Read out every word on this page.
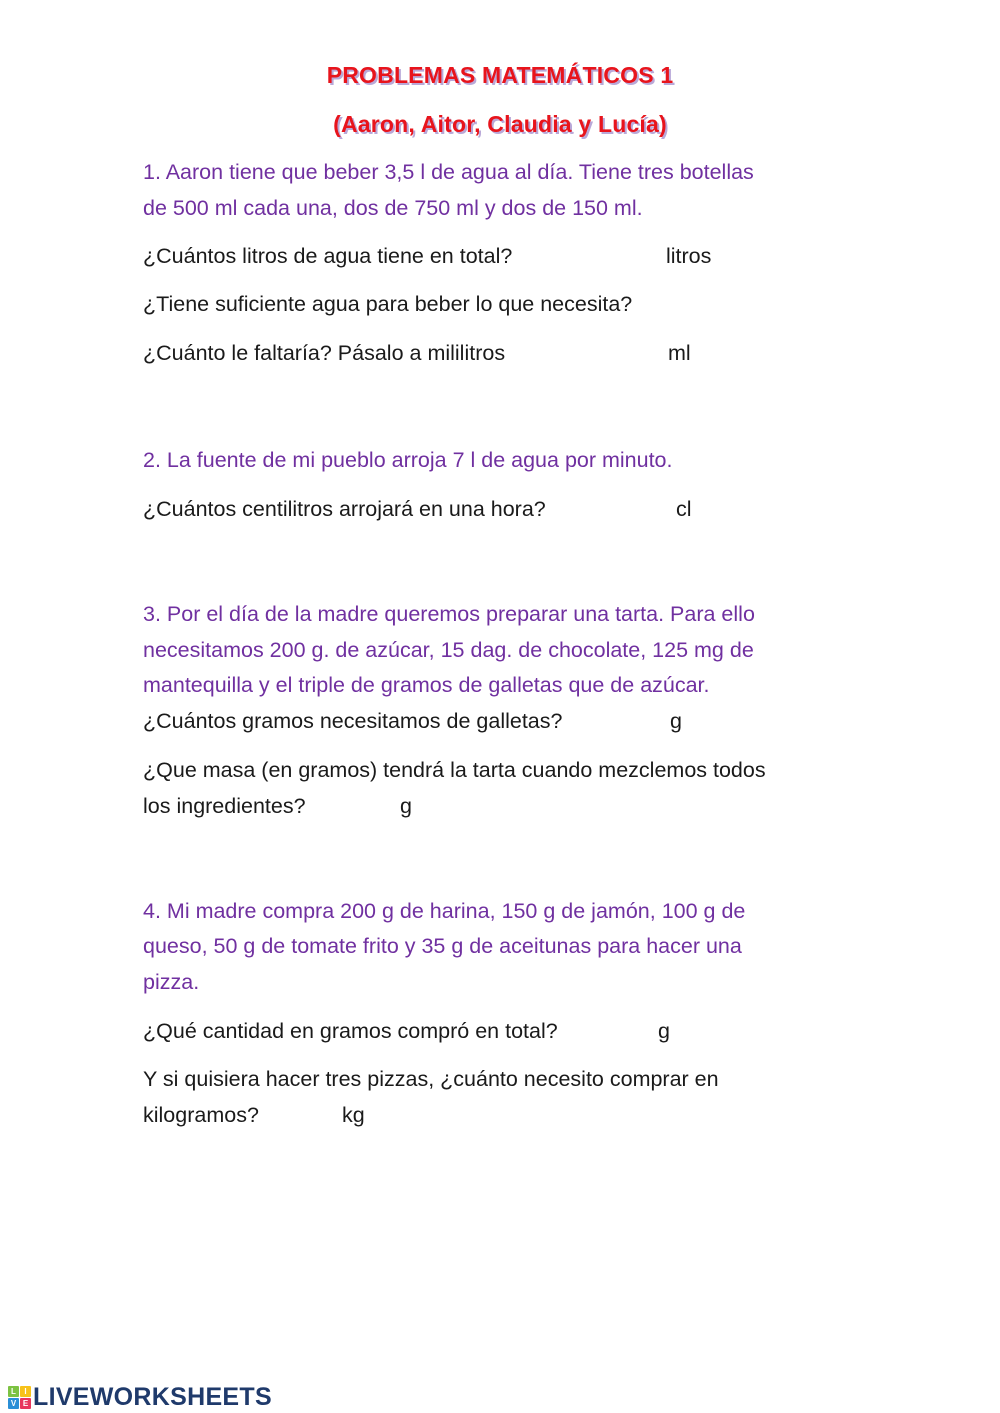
PROBLEMAS MATEMÁTICOS 1
(Aaron, Aitor, Claudia y Lucía)
1. Aaron tiene que beber 3,5 l de agua al día. Tiene tres botellas
de 500 ml cada una, dos de 750 ml y dos de 150 ml.
¿Cuántos litros de agua tiene en total?	litros
¿Tiene suficiente agua para beber lo que necesita?
¿Cuánto le faltaría? Pásalo a mililitros	ml
2. La fuente de mi pueblo arroja 7 l de agua por minuto.
¿Cuántos centilitros arrojará en una hora?	cl
3. Por el día de la madre queremos preparar una tarta. Para ello
necesitamos 200 g. de azúcar, 15 dag. de chocolate, 125 mg de
mantequilla y el triple de gramos de galletas que de azúcar.
¿Cuántos gramos necesitamos de galletas?	g
¿Que masa (en gramos) tendrá la tarta cuando mezclemos todos
los ingredientes?	g
4. Mi madre compra 200 g de harina, 150 g de jamón, 100 g de
queso, 50 g de tomate frito y 35 g de aceitunas para hacer una
pizza.
¿Qué cantidad en gramos compró en total?	g
Y si quisiera hacer tres pizzas, ¿cuánto necesito comprar en
kilogramos?	kg
L	I
V E LIVEWORKSHEETS
